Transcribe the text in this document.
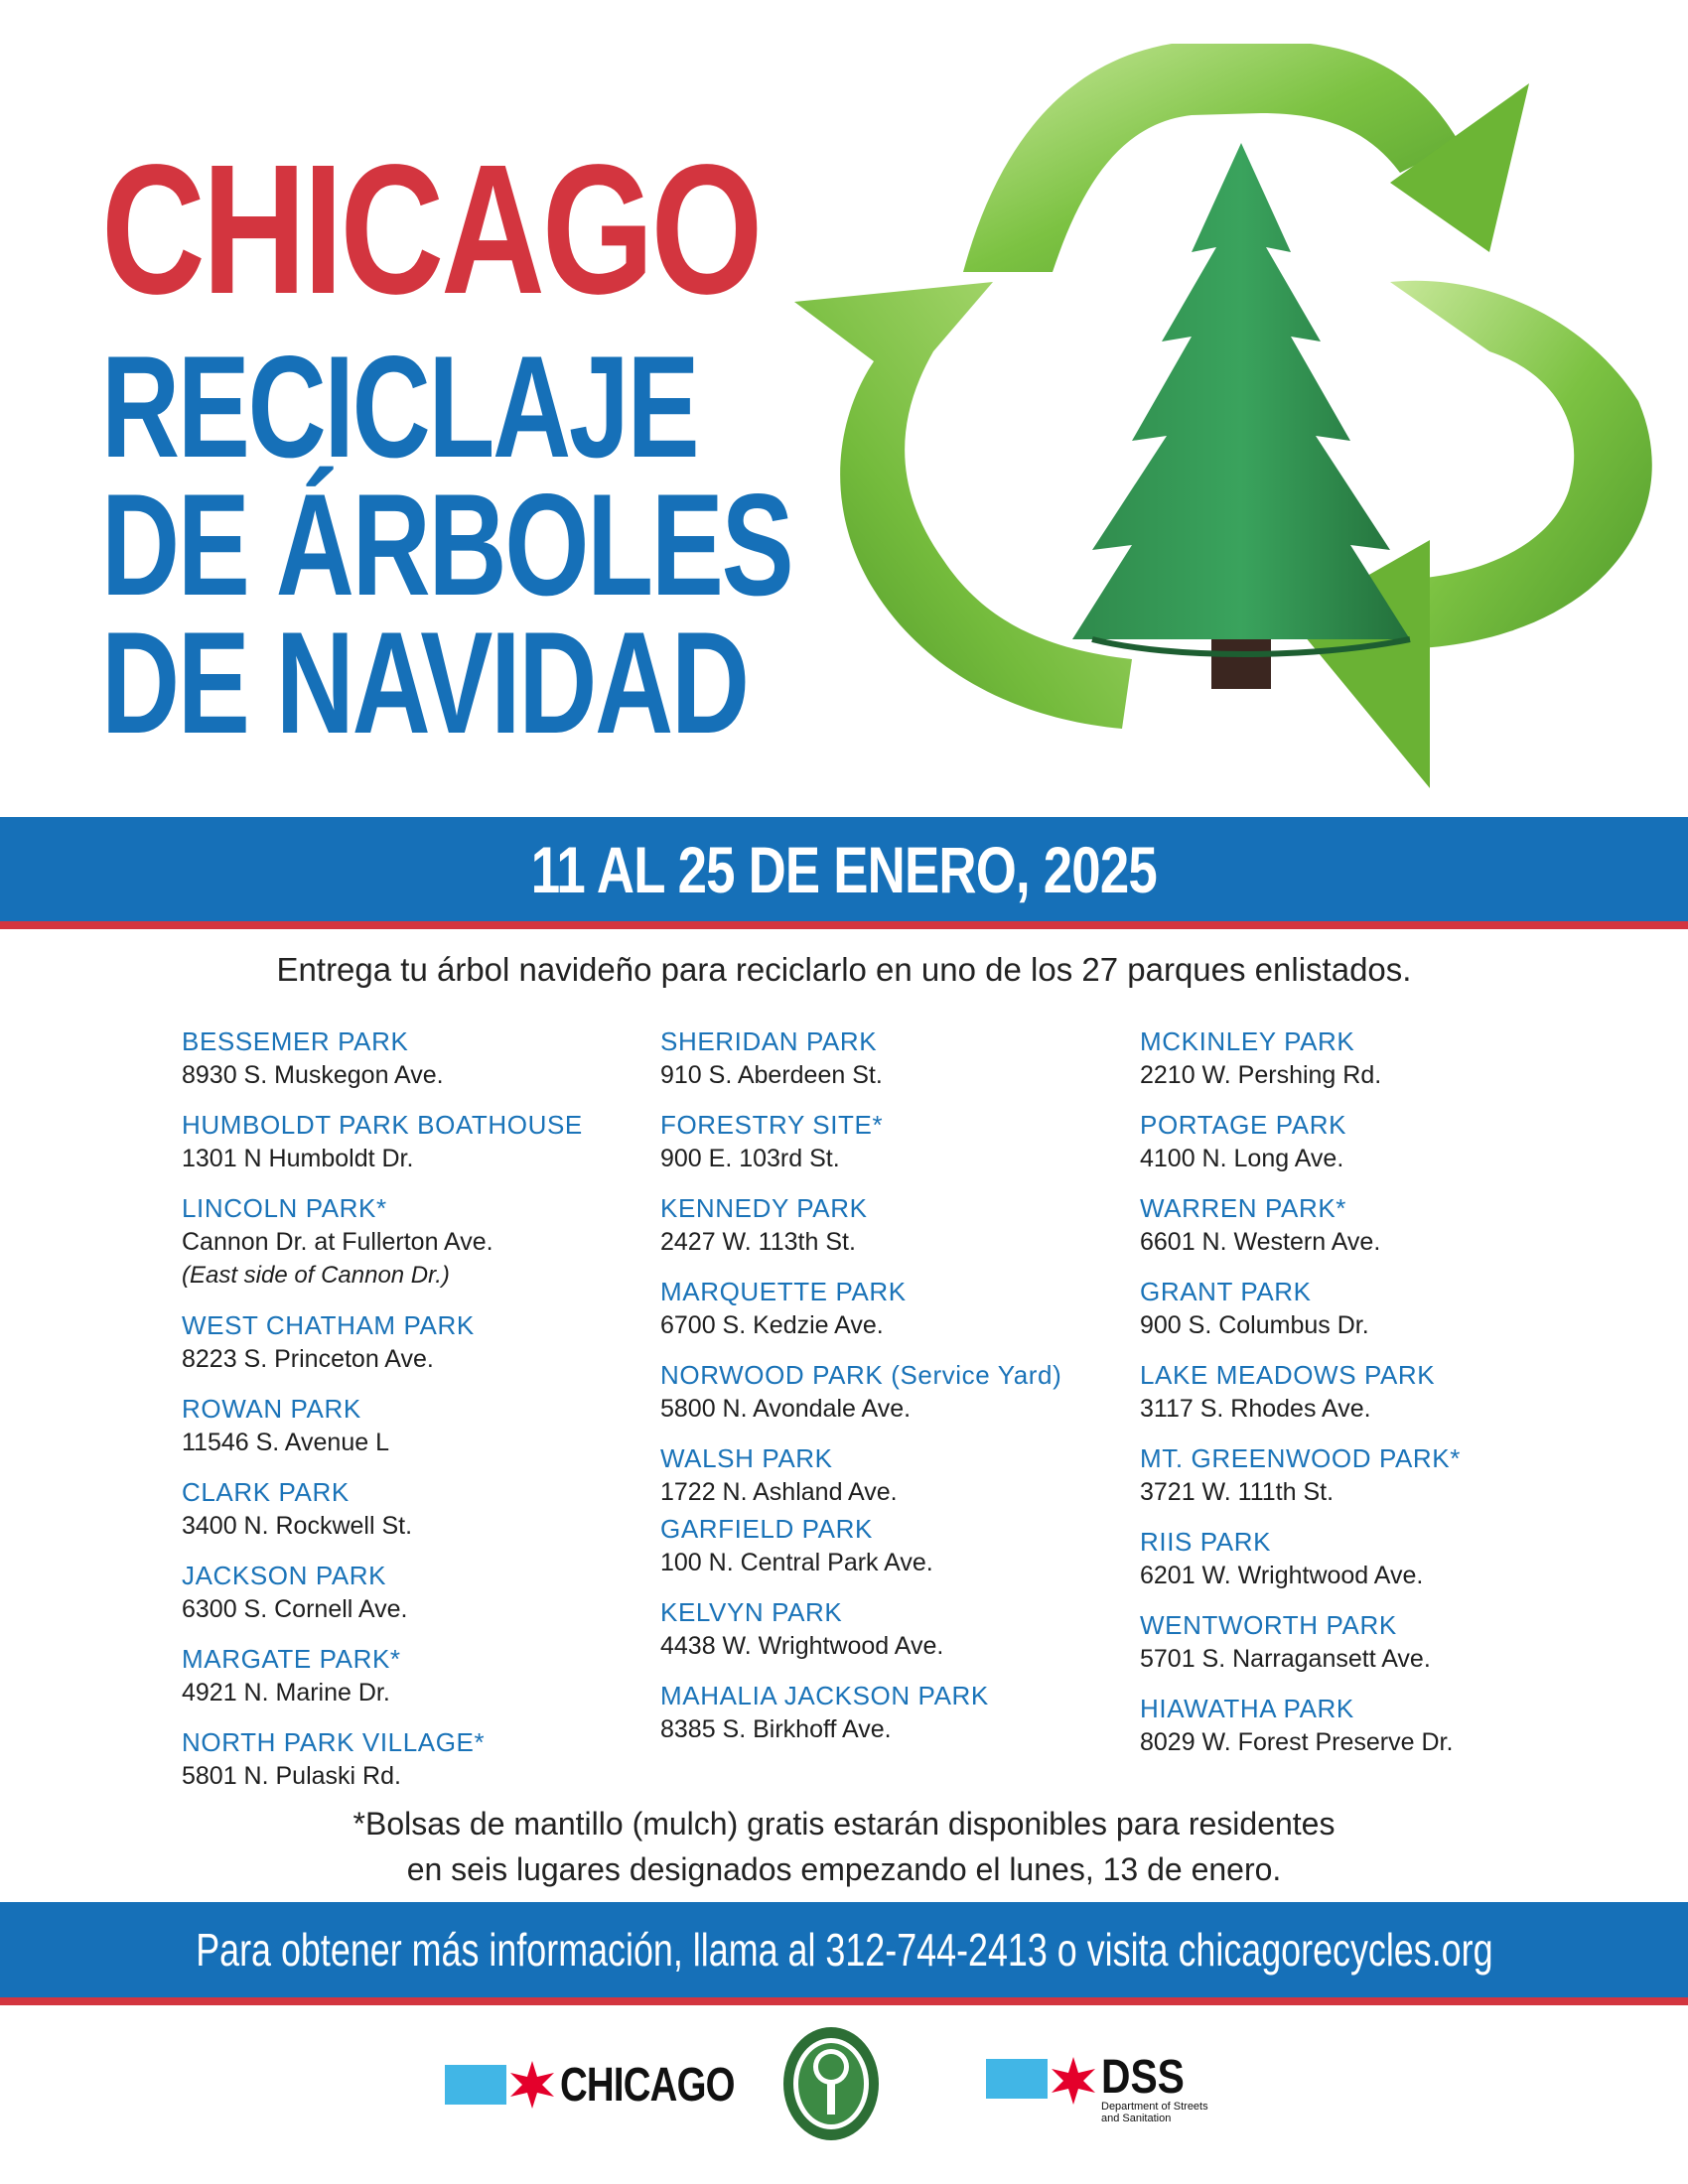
CHICAGO
RECICLAJE
DE ÁRBOLES
DE NAVIDAD
11 AL 25 DE ENERO, 2025
Entrega tu árbol navideño para reciclarlo en uno de los 27 parques enlistados.
BESSEMER PARK
8930 S. Muskegon Ave.
HUMBOLDT PARK BOATHOUSE
1301 N Humboldt Dr.
LINCOLN PARK*
Cannon Dr. at Fullerton Ave.
(East side of Cannon Dr.)
WEST CHATHAM PARK
8223 S. Princeton Ave.
ROWAN PARK
11546 S. Avenue L
CLARK PARK
3400 N. Rockwell St.
JACKSON PARK
6300 S. Cornell Ave.
MARGATE PARK*
4921 N. Marine Dr.
NORTH PARK VILLAGE*
5801 N. Pulaski Rd.
SHERIDAN PARK
910 S. Aberdeen St.
FORESTRY SITE*
900 E. 103rd St.
KENNEDY PARK
2427 W. 113th St.
MARQUETTE PARK
6700 S. Kedzie Ave.
NORWOOD PARK (Service Yard)
5800 N. Avondale Ave.
WALSH PARK
1722 N. Ashland Ave.
GARFIELD PARK
100 N. Central Park Ave.
KELVYN PARK
4438 W. Wrightwood Ave.
MAHALIA JACKSON PARK
8385 S. Birkhoff Ave.
MCKINLEY PARK
2210 W. Pershing Rd.
PORTAGE PARK
4100 N. Long Ave.
WARREN PARK*
6601 N. Western Ave.
GRANT PARK
900 S. Columbus Dr.
LAKE MEADOWS PARK
3117 S. Rhodes Ave.
MT. GREENWOOD PARK*
3721 W. 111th St.
RIIS PARK
6201 W. Wrightwood Ave.
WENTWORTH PARK
5701 S. Narragansett Ave.
HIAWATHA PARK
8029 W. Forest Preserve Dr.
*Bolsas de mantillo (mulch) gratis estarán disponibles para residentes
en seis lugares designados empezando el lunes, 13 de enero.
Para obtener más información, llama al 312-744-2413 o visita chicagorecycles.org
CHICAGO	DSS
Department of Streets and Sanitation
